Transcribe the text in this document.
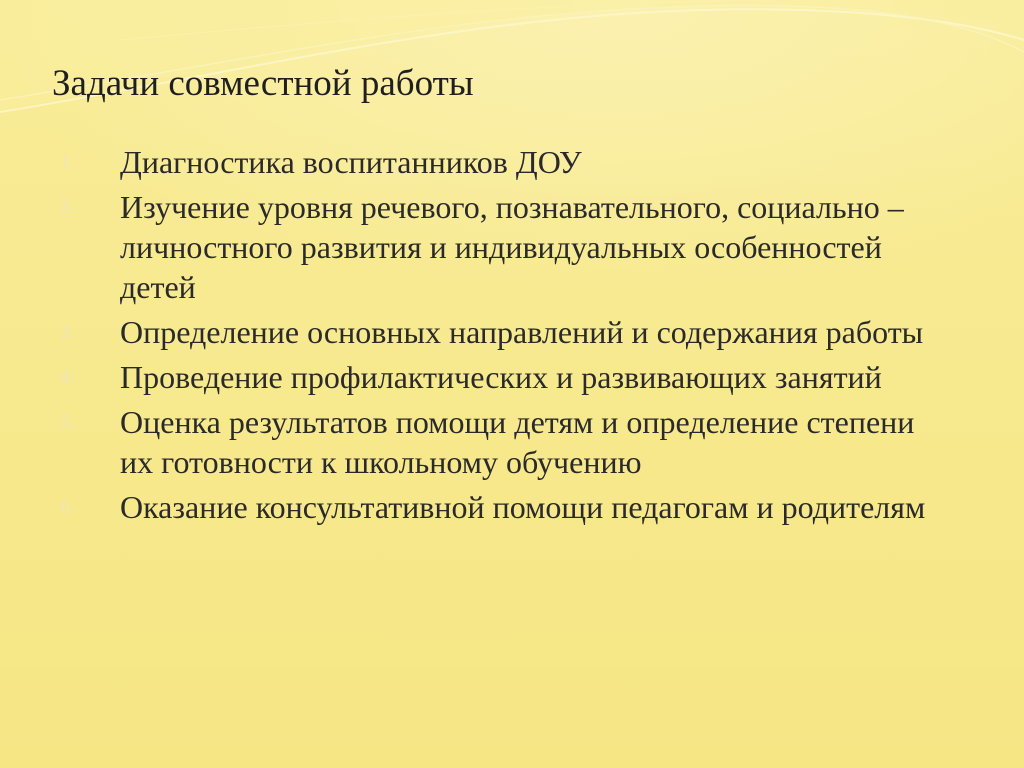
Задачи совместной работы
1.	Диагностика воспитанников ДОУ
2.	Изучение уровня речевого, познавательного, социально – личностного развития и индивидуальных особенностей детей
3.	Определение основных направлений и содержания работы
4.	Проведение профилактических и развивающих занятий
5.	Оценка результатов помощи детям и определение степени их готовности к школьному обучению
6.	Оказание консультативной помощи педагогам и родителям
